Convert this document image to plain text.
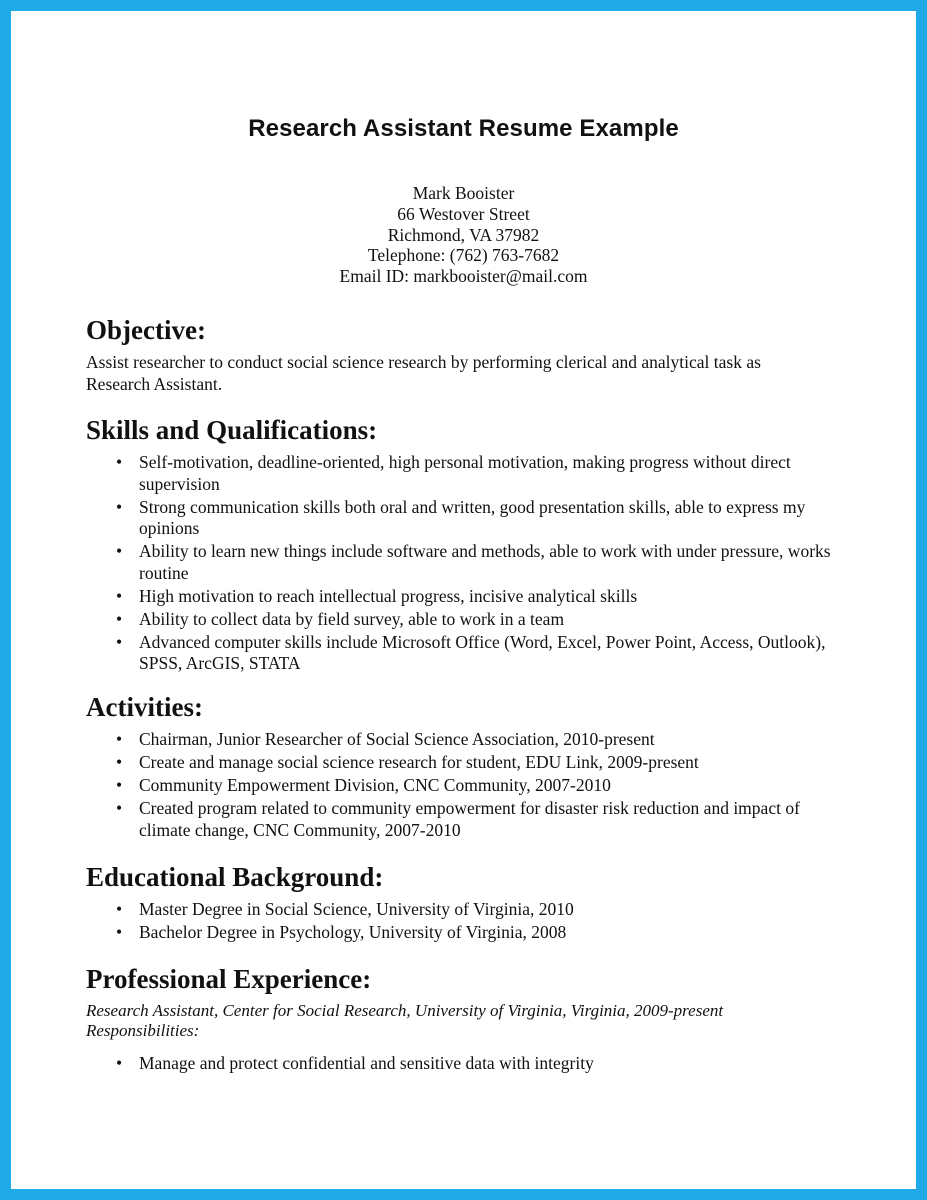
Research Assistant Resume Example
Mark Booister
66 Westover Street
Richmond, VA 37982
Telephone: (762) 763-7682
Email ID: markbooister@mail.com
Objective:

Assist researcher to conduct social science research by performing clerical and analytical task as Research Assistant.

Skills and Qualifications:
• Self-motivation, deadline-oriented, high personal motivation, making progress without direct supervision
• Strong communication skills both oral and written, good presentation skills, able to express my opinions
• Ability to learn new things include software and methods, able to work with under pressure, works routine
• High motivation to reach intellectual progress, incisive analytical skills
• Ability to collect data by field survey, able to work in a team
• Advanced computer skills include Microsoft Office (Word, Excel, Power Point, Access, Outlook), SPSS, ArcGIS, STATA
Activities:
• Chairman, Junior Researcher of Social Science Association, 2010-present
• Create and manage social science research for student, EDU Link, 2009-present
• Community Empowerment Division, CNC Community, 2007-2010
• Created program related to community empowerment for disaster risk reduction and impact of climate change, CNC Community, 2007-2010
Educational Background:
• Master Degree in Social Science, University of Virginia, 2010
• Bachelor Degree in Psychology, University of Virginia, 2008
Professional Experience:

Research Assistant, Center for Social Research, University of Virginia, Virginia, 2009-present

Responsibilities:

• Manage and protect confidential and sensitive data with integrity
